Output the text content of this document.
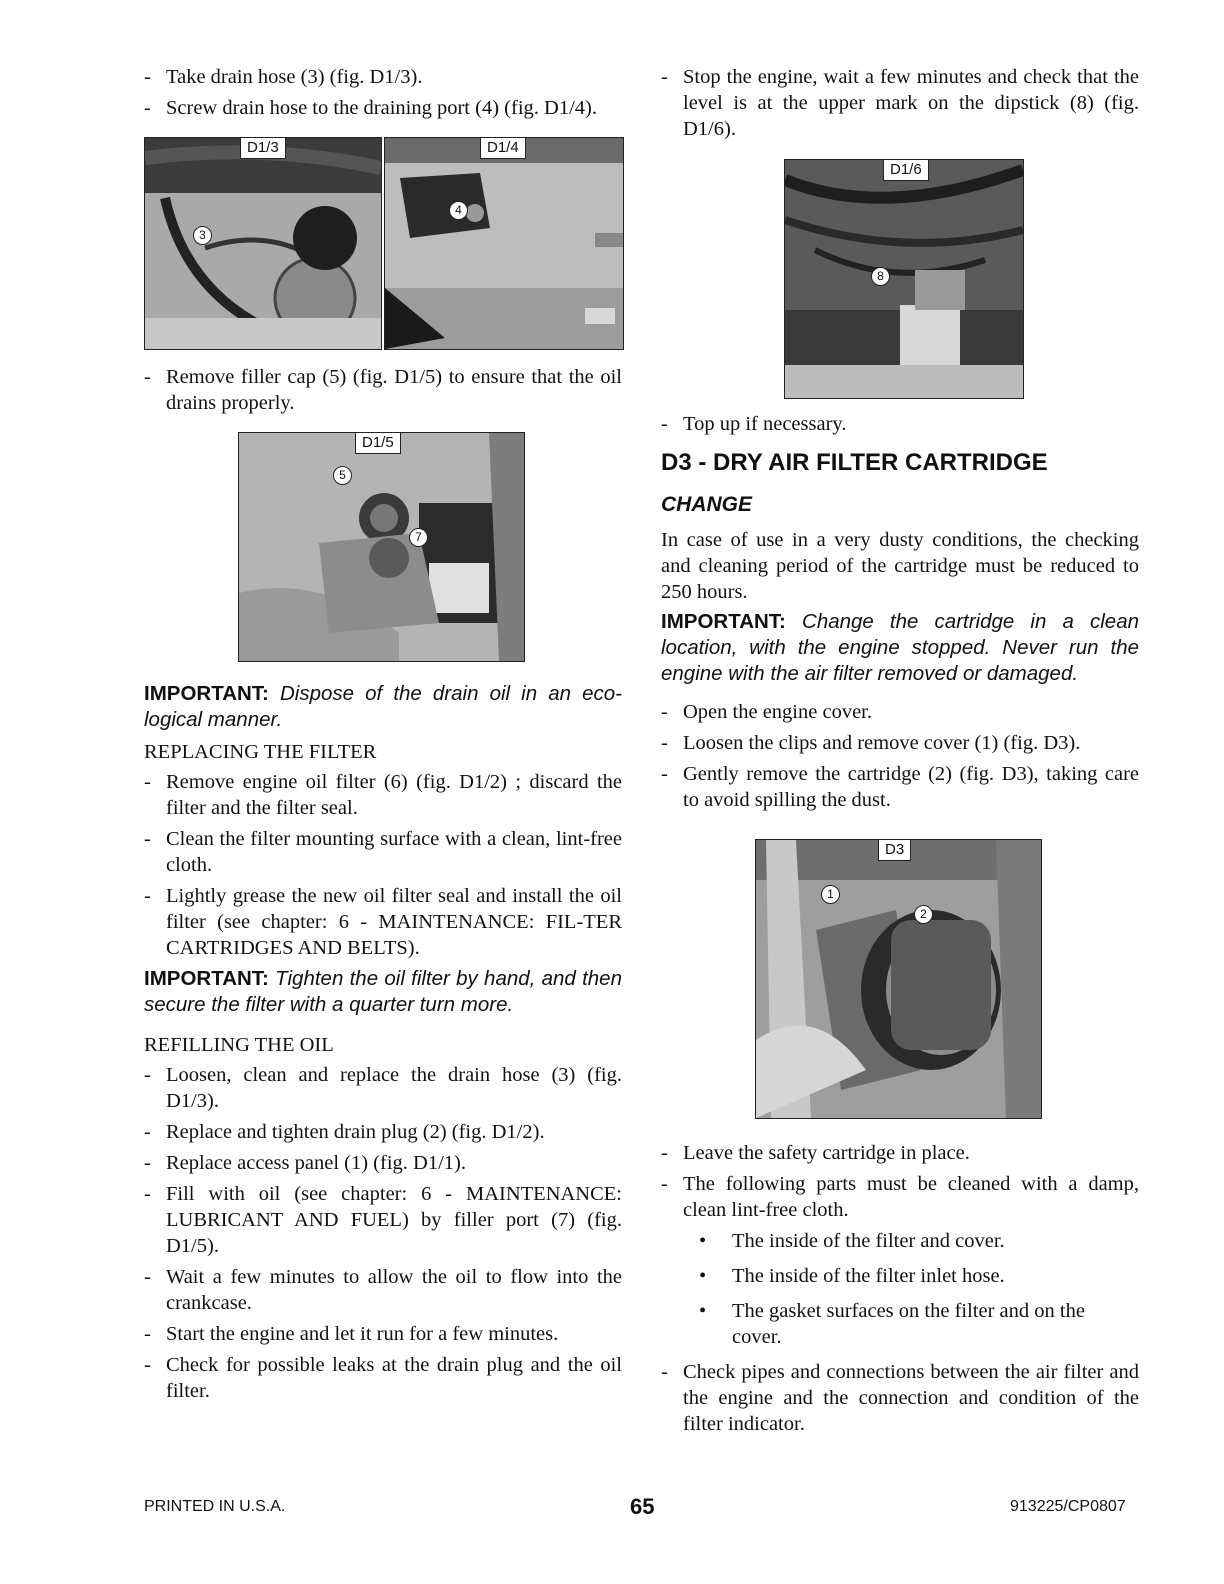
- Take drain hose (3) (fig. D1/3).
- Screw drain hose to the draining port (4) (fig. D1/4).
D1/3
3
D1/4
4
- Remove filler cap (5) (fig. D1/5) to ensure that the oil drains properly.
D1/5
5
7

IMPORTANT: Dispose of the drain oil in an eco-logical manner.

REPLACING THE FILTER

- Remove engine oil filter (6) (fig. D1/2) ; discard the filter and the filter seal.
- Clean the filter mounting surface with a clean, lint-free cloth.
- Lightly grease the new oil filter seal and install the oil filter (see chapter: 6 - MAINTENANCE: FIL-TER CARTRIDGES AND BELTS).

IMPORTANT: Tighten the oil filter by hand, and then secure the filter with a quarter turn more.

REFILLING THE OIL

- Loosen, clean and replace the drain hose (3) (fig. D1/3).
- Replace and tighten drain plug (2) (fig. D1/2).
- Replace access panel (1) (fig. D1/1).
- Fill with oil (see chapter: 6 - MAINTENANCE: LUBRICANT AND FUEL) by filler port (7) (fig. D1/5).
- Wait a few minutes to allow the oil to flow into the crankcase.
- Start the engine and let it run for a few minutes.
- Check for possible leaks at the drain plug and the oil filter.
- Stop the engine, wait a few minutes and check that the level is at the upper mark on the dipstick (8) (fig. D1/6).
D1/6
8
- Top up if necessary.

D3 - DRY AIR FILTER CARTRIDGE

CHANGE

In case of use in a very dusty conditions, the checking and cleaning period of the cartridge must be reduced to 250 hours.

IMPORTANT: Change the cartridge in a clean location, with the engine stopped. Never run the engine with the air filter removed or damaged.

- Open the engine cover.
- Loosen the clips and remove cover (1) (fig. D3).
- Gently remove the cartridge (2) (fig. D3), taking care to avoid spilling the dust.
D3
1
2
- Leave the safety cartridge in place.
- The following parts must be cleaned with a damp, clean lint-free cloth.
• The inside of the filter and cover.
• The inside of the filter inlet hose.
• The gasket surfaces on the filter and on the cover.
- Check pipes and connections between the air filter and the engine and the connection and condition of the filter indicator.
PRINTED IN U.S.A.	65	913225/CP0807
